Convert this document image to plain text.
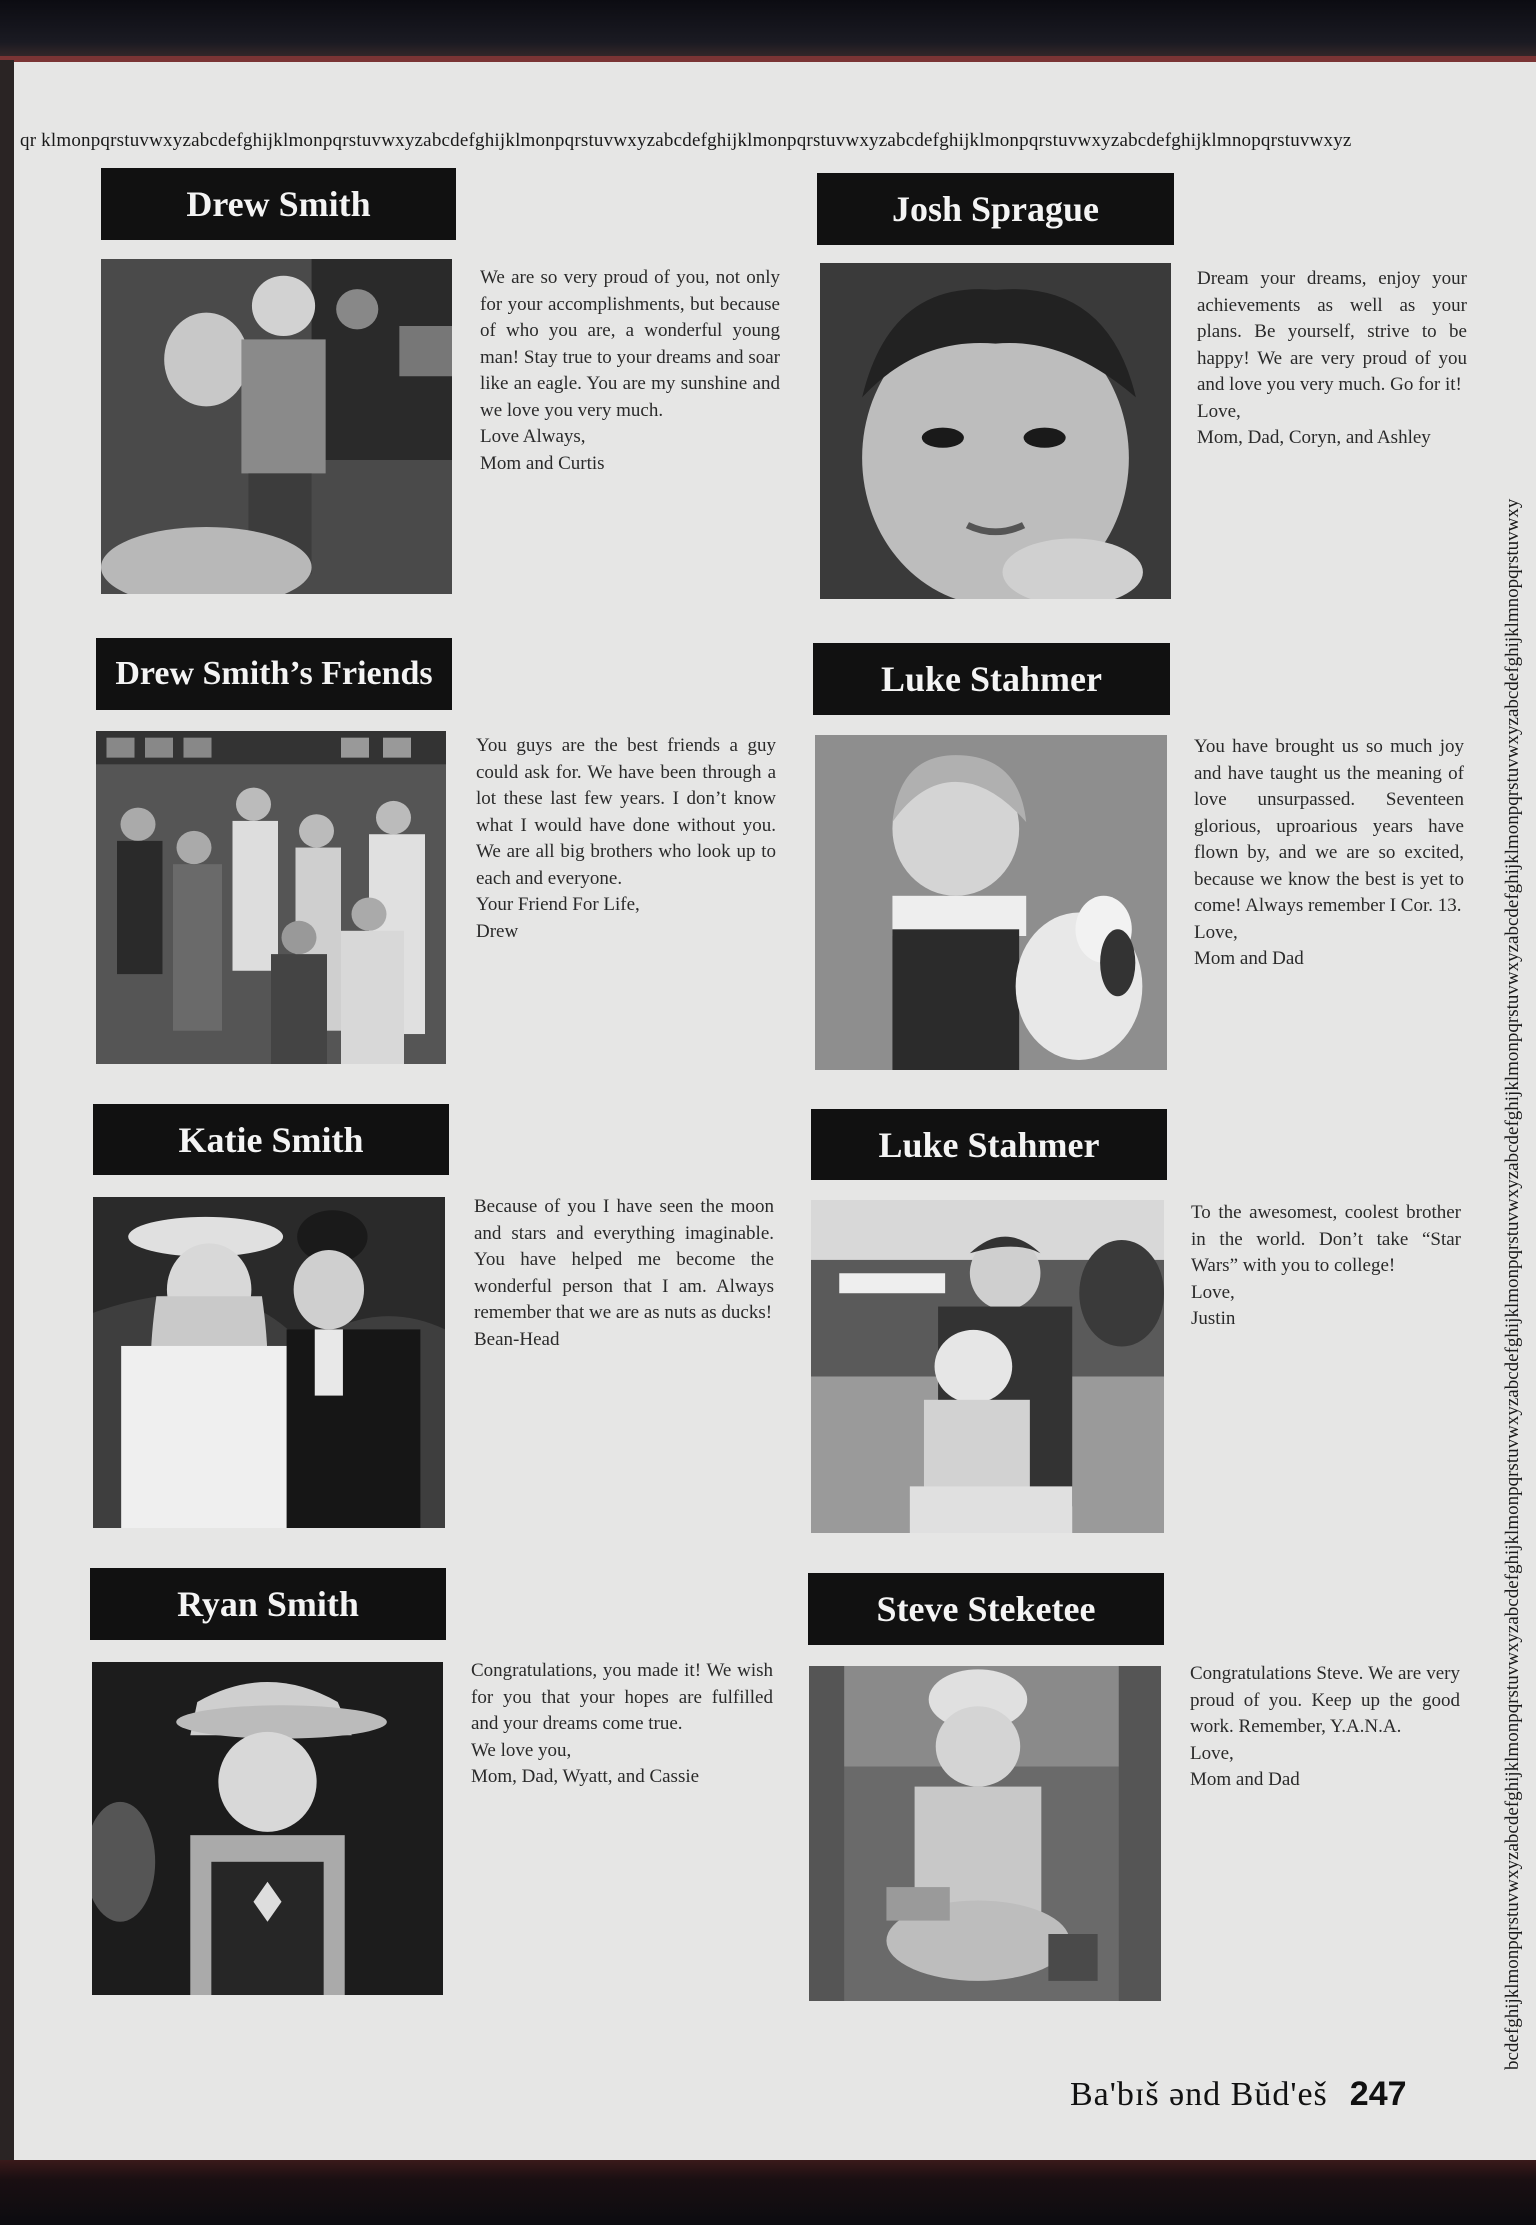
qr klmonpqrstuvwxyzabcdefghijklmonpqrstuvwxyzabcdefghijklmonpqrstuvwxyzabcdefghijklmonpqrstuvwxyzabcdefghijklmonpqrstuvwxyzabcdefghijklmnopqrstuvwxyz
bcdefghijklmonpqrstuvwxyzabcdefghijklmonpqrstuvwxyzabcdefghijklmonpqrstuvwxyzabcdefghijklmonpqrstuvwxyzabcdefghijklmonpqrstuvwxyzabcdefghijklmonpqrstuvwxyzabcdefghijklmnopqrstuvwxy
Drew Smith

We are so very proud of you, not only for your accomplishments, but because of who you are, a wonderful young man! Stay true to your dreams and soar like an eagle. You are my sunshine and we love you very much.

Love Always,

Mom and Curtis

Josh Sprague

Dream your dreams, enjoy your achievements as well as your plans. Be yourself, strive to be happy! We are very proud of you and love you very much. Go for it!

Love,

Mom, Dad, Coryn, and Ashley

Drew Smith’s Friends

You guys are the best friends a guy could ask for. We have been through a lot these last few years. I don’t know what I would have done without you. We are all big brothers who look up to each and everyone.

Your Friend For Life,

Drew

Luke Stahmer

You have brought us so much joy and have taught us the meaning of love unsurpassed. Seventeen glorious, uproarious years have flown by, and we are so excited, because we know the best is yet to come! Always remember I Cor. 13.

Love,

Mom and Dad

Katie Smith

Because of you I have seen the moon and stars and everything imaginable. You have helped me become the wonderful person that I am. Always remember that we are as nuts as ducks!

Bean-Head

Luke Stahmer

To the awesomest, coolest brother in the world. Don’t take “Star Wars” with you to college!

Love,

Justin

Ryan Smith

Congratulations, you made it! We wish for you that your hopes are fulfilled and your dreams come true.

We love you,

Mom, Dad, Wyatt, and Cassie

Steve Steketee

Congratulations Steve. We are very proud of you. Keep up the good work. Remember, Y.A.N.A.

Love,

Mom and Dad

Ba'bɪš ənd Bŭd'eš 247
